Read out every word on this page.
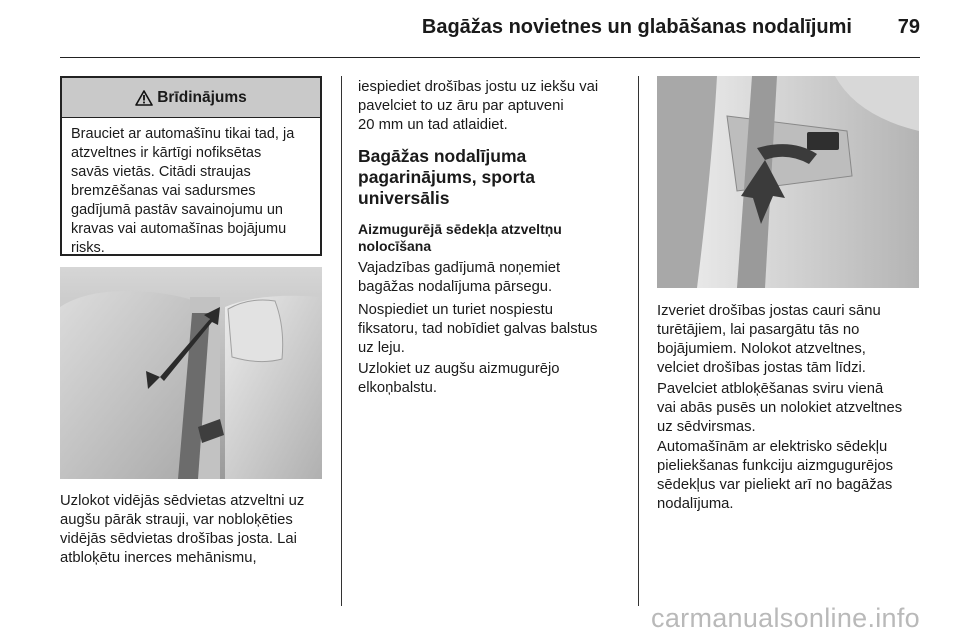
Bagāžas novietnes un glabāšanas nodalījumi 79
Brīdinājums
Brauciet ar automašīnu tikai tad, ja
atzveltnes ir kārtīgi nofiksētas
savās vietās. Citādi straujas
bremzēšanas vai sadursmes
gadījumā pastāv savainojumu un
kravas vai automašīnas bojājumu
risks.
Uzlokot vidējās sēdvietas atzveltni uz
augšu pārāk strauji, var nobloķēties
vidējās sēdvietas drošības josta. Lai
atbloķētu inerces mehānismu,
iespiediet drošības jostu uz iekšu vai
pavelciet to uz āru par aptuveni
20 mm un tad atlaidiet.
Bagāžas nodalījuma
pagarinājums, sporta
universālis
Aizmugurējā sēdekļa atzveltņu
nolocīšana
Vajadzības gadījumā noņemiet
bagāžas nodalījuma pārsegu.
Nospiediet un turiet nospiestu
fiksatoru, tad nobīdiet galvas balstus
uz leju.
Uzlokiet uz augšu aizmugurējo
elkoņbalstu.
Izveriet drošības jostas cauri sānu
turētājiem, lai pasargātu tās no
bojājumiem. Nolokot atzveltnes,
velciet drošības jostas tām līdzi.
Pavelciet atbloķēšanas sviru vienā
vai abās pusēs un nolokiet atzveltnes
uz sēdvirsmas.
Automašīnām ar elektrisko sēdekļu
pieliekšanas funkciju aizmgugurējos
sēdekļus var pieliekt arī no bagāžas
nodalījuma.
carmanualsonline.info
